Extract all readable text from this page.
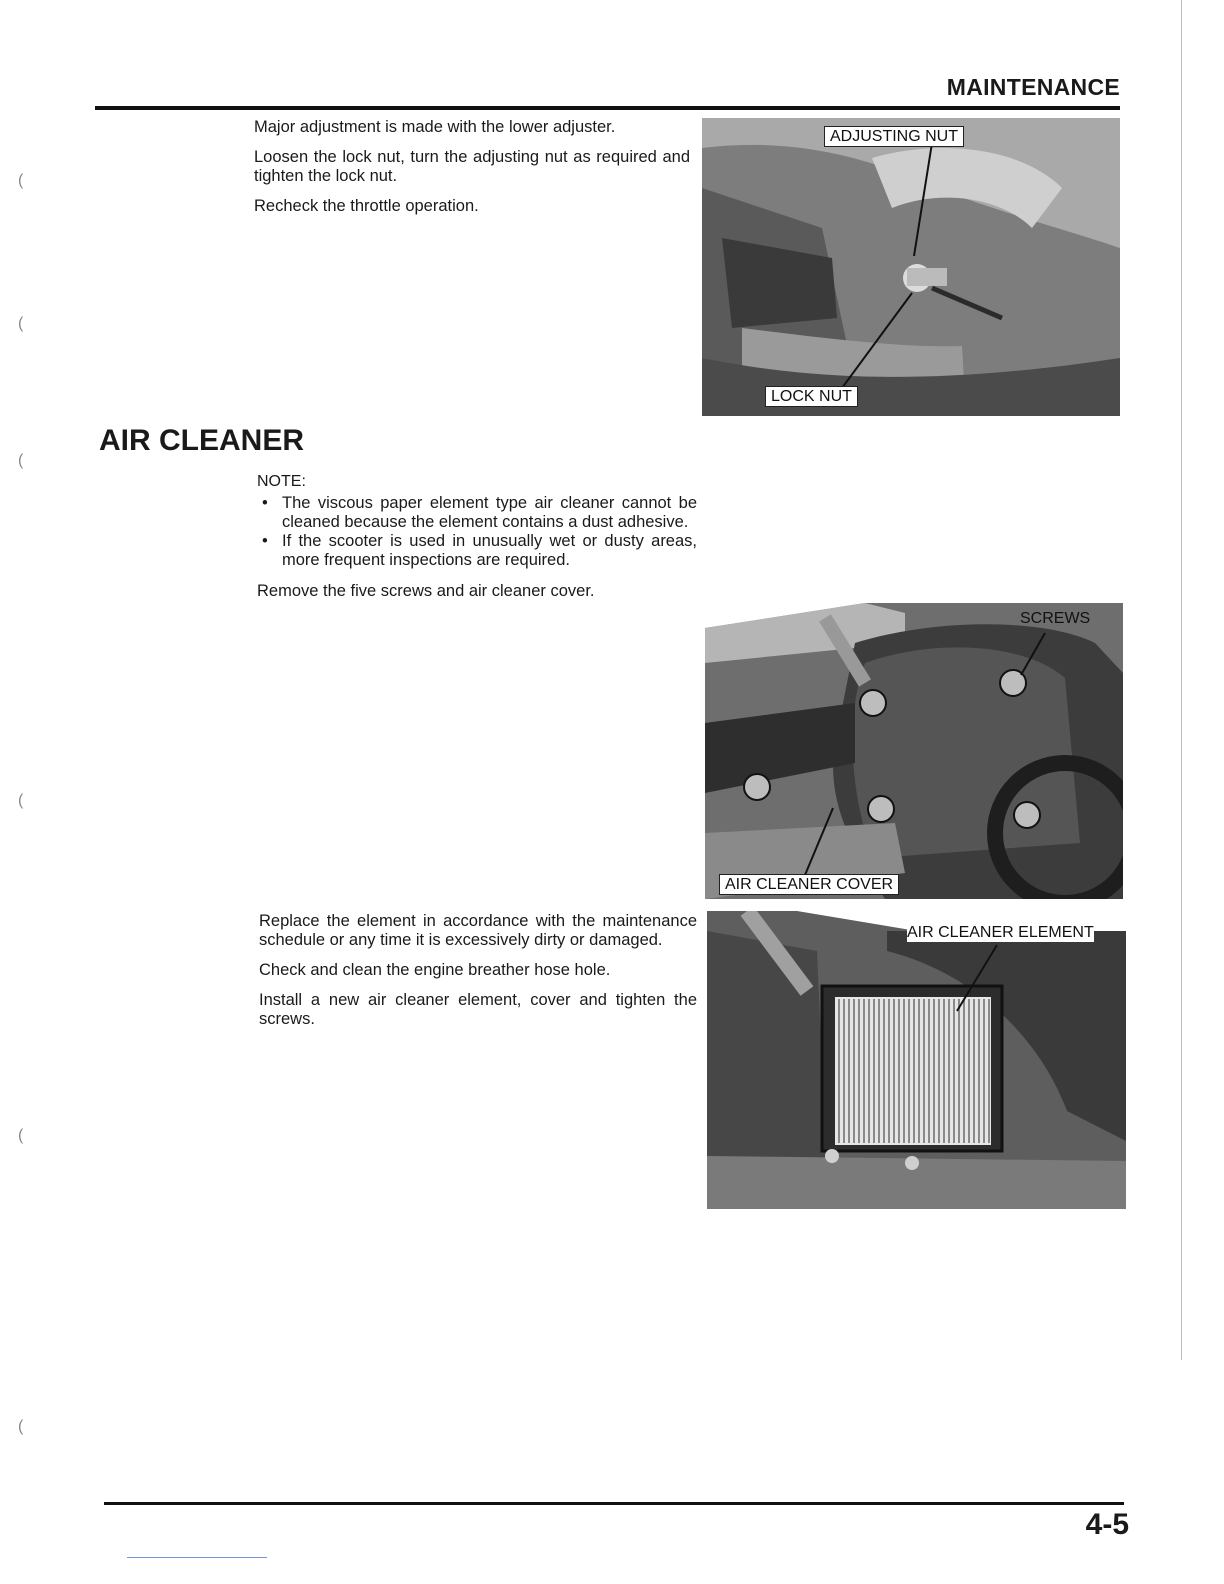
MAINTENANCE
(
(
(
(
(
(

Major adjustment is made with the lower adjuster.

Loosen the lock nut, turn the adjusting nut as required and tighten the lock nut.

Recheck the throttle operation.

ADJUSTING NUT
LOCK NUT
AIR CLEANER
NOTE:
• The viscous paper element type air cleaner cannot be cleaned because the element contains a dust adhesive.
• If the scooter is used in unusually wet or dusty areas, more frequent inspections are required.

Remove the five screws and air cleaner cover.

SCREWS
AIR CLEANER COVER

Replace the element in accordance with the maintenance schedule or any time it is excessively dirty or damaged.

Check and clean the engine breather hose hole.

Install a new air cleaner element, cover and tighten the screws.

AIR CLEANER ELEMENT
4-5
